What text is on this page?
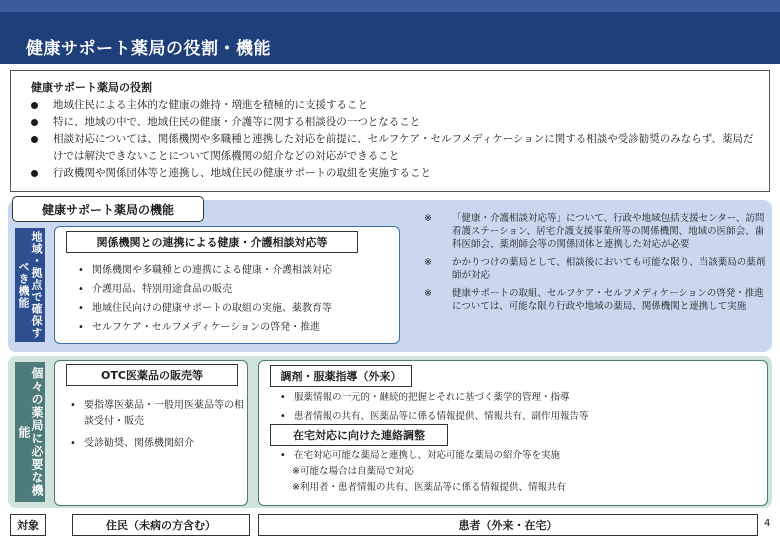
健康サポート薬局の役割・機能
健康サポート薬局の役割
地域住民による主体的な健康の維持・増進を積極的に支援すること
特に、地域の中で、地域住民の健康・介護等に関する相談役の一つとなること
相談対応については、関係機関や多職種と連携した対応を前提に、セルフケア・セルフメディケーションに関する相談や受診勧奨のみならず、薬局だけでは解決できないことについて関係機関の紹介などの対応ができること
行政機関や関係団体等と連携し、地域住民の健康サポートの取組を実施すること
健康サポート薬局の機能
地域・拠点で確保すべき機能
関係機関との連携による健康・介護相談対応等
• 関係機関や多職種との連携による健康・介護相談対応
• 介護用品、特別用途食品の販売
• 地域住民向けの健康サポートの取組の実施、薬教育等
• セルフケア・セルフメディケーションの啓発・推進
※ 「健康・介護相談対応等」について、行政や地域包括支援センター、訪問看護ステーション、居宅介護支援事業所等の関係機関、地域の医師会、歯科医師会、薬剤師会等の関係団体と連携した対応が必要
※ かかりつけの薬局として、相談後においても可能な限り、当該薬局の薬剤師が対応
※ 健康サポートの取組、セルフケア・セルフメディケーションの啓発・推進については、可能な限り行政や地域の薬局、関係機関と連携して実施
個々の薬局に必要な機能
OTC医薬品の販売等
• 要指導医薬品・一般用医薬品等の相談受付・販売
• 受診勧奨、関係機関紹介
調剤・服薬指導（外来）
• 服薬情報の一元的・継続的把握とそれに基づく薬学的管理・指導
• 患者情報の共有、医薬品等に係る情報提供、情報共有、副作用報告等
在宅対応に向けた連絡調整
• 在宅対応可能な薬局と連携し、対応可能な薬局の紹介等を実施
※可能な場合は自薬局で対応
※利用者・患者情報の共有、医薬品等に係る情報提供、情報共有
対象	住民（未病の方含む）	患者（外来・在宅）	4
